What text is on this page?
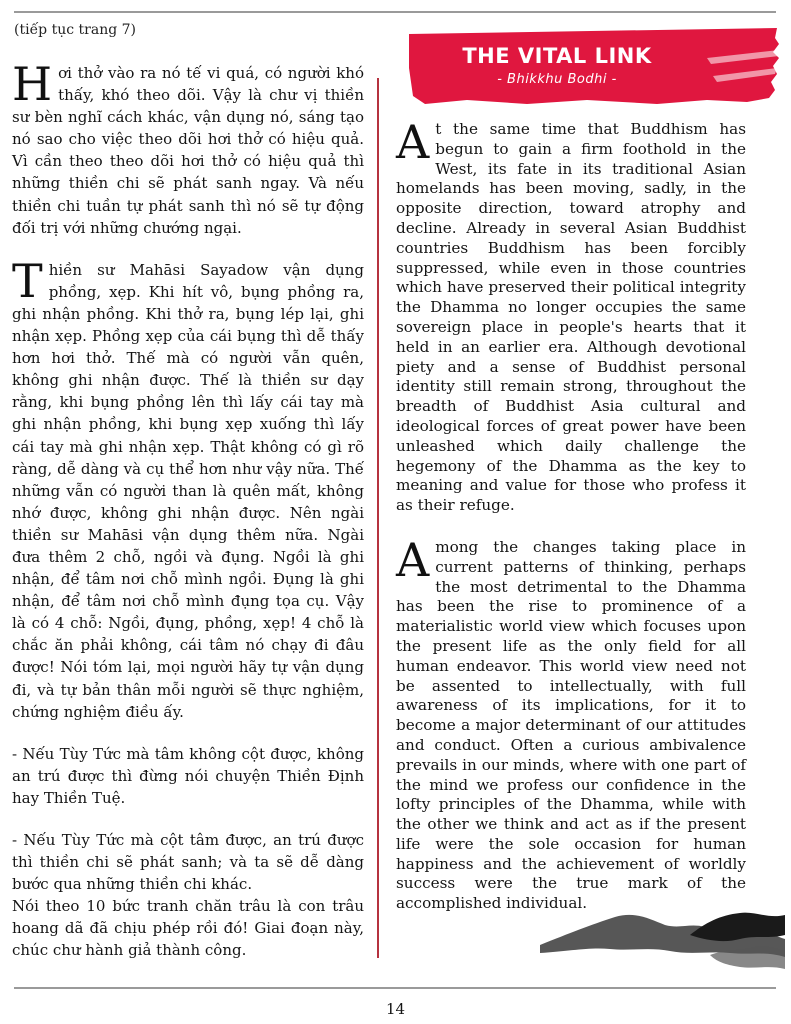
(tiếp tục trang 7)

Hơi thở vào ra nó tế vi quá, có người khó thấy, khó theo dõi. Vậy là chư vị thiền sư bèn nghĩ cách khác, vận dụng nó, sáng tạo nó sao cho việc theo dõi hơi thở có hiệu quả. Vì cần theo theo dõi hơi thở có hiệu quả thì những thiền chi sẽ phát sanh ngay. Và nếu thiền chi tuần tự phát sanh thì nó sẽ tự động đối trị với những chướng ngại.

Thiền sư Mahāsi Sayadow vận dụng phồng, xẹp. Khi hít vô, bụng phồng ra, ghi nhận phồng. Khi thở ra, bụng lép lại, ghi nhận xẹp. Phồng xẹp của cái bụng thì dễ thấy hơn hơi thở. Thế mà có người vẫn quên, không ghi nhận được. Thế là thiền sư dạy rằng, khi bụng phồng lên thì lấy cái tay mà ghi nhận phồng, khi bụng xẹp xuống thì lấy cái tay mà ghi nhận xẹp. Thật không có gì rõ ràng, dễ dàng và cụ thể hơn như vậy nữa. Thế những vẫn có người than là quên mất, không nhớ được, không ghi nhận được. Nên ngài thiền sư Mahāsi vận dụng thêm nữa. Ngài đưa thêm 2 chỗ, ngồi và đụng. Ngồi là ghi nhận, để tâm nơi chỗ mình ngồi. Đụng là ghi nhận, để tâm nơi chỗ mình đụng tọa cụ. Vậy là có 4 chỗ: Ngồi, đụng, phồng, xẹp! 4 chỗ là chắc ăn phải không, cái tâm nó chạy đi đâu được! Nói tóm lại, mọi người hãy tự vận dụng đi, và tự bản thân mỗi người sẽ thực nghiệm, chứng nghiệm điều ấy.

- Nếu Tùy Tức mà tâm không cột được, không an trú được thì đừng nói chuyện Thiền Định hay Thiền Tuệ.

- Nếu Tùy Tức mà cột tâm được, an trú được thì thiền chi sẽ phát sanh; và ta sẽ dễ dàng bước qua những thiền chi khác.

Nói theo 10 bức tranh chăn trâu là con trâu hoang dã đã chịu phép rồi đó! Giai đoạn này, chúc chư hành giả thành công.

THE VITAL LINK
- Bhikkhu Bodhi -

At the same time that Buddhism has begun to gain a firm foothold in the West, its fate in its traditional Asian homelands has been moving, sadly, in the opposite direction, toward atrophy and decline. Already in several Asian Buddhist countries Buddhism has been forcibly suppressed, while even in those countries which have preserved their political integrity the Dhamma no longer occupies the same sovereign place in people's hearts that it held in an earlier era. Although devotional piety and a sense of Buddhist personal identity still remain strong, throughout the breadth of Buddhist Asia cultural and ideological forces of great power have been unleashed which daily challenge the hegemony of the Dhamma as the key to meaning and value for those who profess it as their refuge.

Among the changes taking place in current patterns of thinking, perhaps the most detrimental to the Dhamma has been the rise to prominence of a materialistic world view which focuses upon the present life as the only field for all human endeavor. This world view need not be assented to intellectually, with full awareness of its implications, for it to become a major determinant of our attitudes and conduct. Often a curious ambivalence prevails in our minds, where with one part of the mind we profess our confidence in the lofty principles of the Dhamma, while with the other we think and act as if the present life were the sole occasion for human happiness and the achievement of worldly success were the true mark of the accomplished individual.

14
